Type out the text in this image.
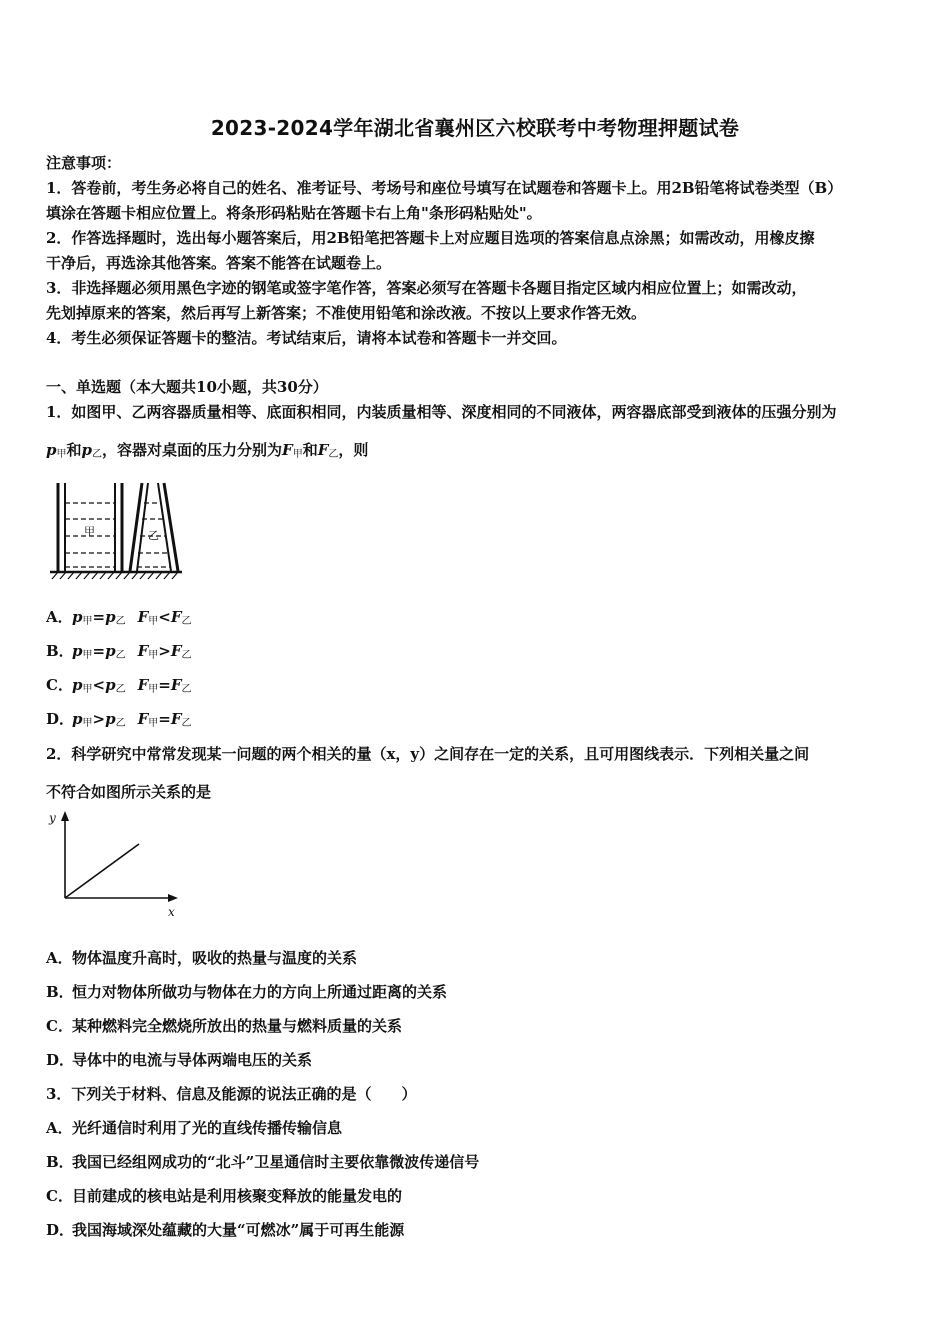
2023-2024学年湖北省襄州区六校联考中考物理押题试卷
注意事项：
1．答卷前，考生务必将自己的姓名、准考证号、考场号和座位号填写在试题卷和答题卡上。用2B铅笔将试卷类型（B）
填涂在答题卡相应位置上。将条形码粘贴在答题卡右上角"条形码粘贴处"。
2．作答选择题时，选出每小题答案后，用2B铅笔把答题卡上对应题目选项的答案信息点涂黑；如需改动，用橡皮擦
干净后，再选涂其他答案。答案不能答在试题卷上。
3．非选择题必须用黑色字迹的钢笔或签字笔作答，答案必须写在答题卡各题目指定区域内相应位置上；如需改动，
先划掉原来的答案，然后再写上新答案；不准使用铅笔和涂改液。不按以上要求作答无效。
4．考生必须保证答题卡的整洁。考试结束后，请将本试卷和答题卡一并交回。
一、单选题（本大题共10小题，共30分）
1．如图甲、乙两容器质量相等、底面积相同，内装质量相等、深度相同的不同液体，两容器底部受到液体的压强分别为
$p_甲$和$p_乙$，容器对桌面的压力分别为$F_甲$和$F_乙$，则
甲	乙
A．$p_甲=p_乙$ $F_甲<F_乙$
B．$p_甲=p_乙$ $F_甲>F_乙$
C．$p_甲<p_乙$ $F_甲=F_乙$
D．$p_甲>p_乙$ $F_甲=F_乙$
2．科学研究中常常发现某一问题的两个相关的量（x，y）之间存在一定的关系，且可用图线表示．下列相关量之间
不符合如图所示关系的是
y
x
A．物体温度升高时，吸收的热量与温度的关系
B．恒力对物体所做功与物体在力的方向上所通过距离的关系
C．某种燃料完全燃烧所放出的热量与燃料质量的关系
D．导体中的电流与导体两端电压的关系
3．下列关于材料、信息及能源的说法正确的是（　　）
A．光纤通信时利用了光的直线传播传输信息
B．我国已经组网成功的“北斗”卫星通信时主要依靠微波传递信号
C．目前建成的核电站是利用核聚变释放的能量发电的
D．我国海域深处蕴藏的大量“可燃冰”属于可再生能源
